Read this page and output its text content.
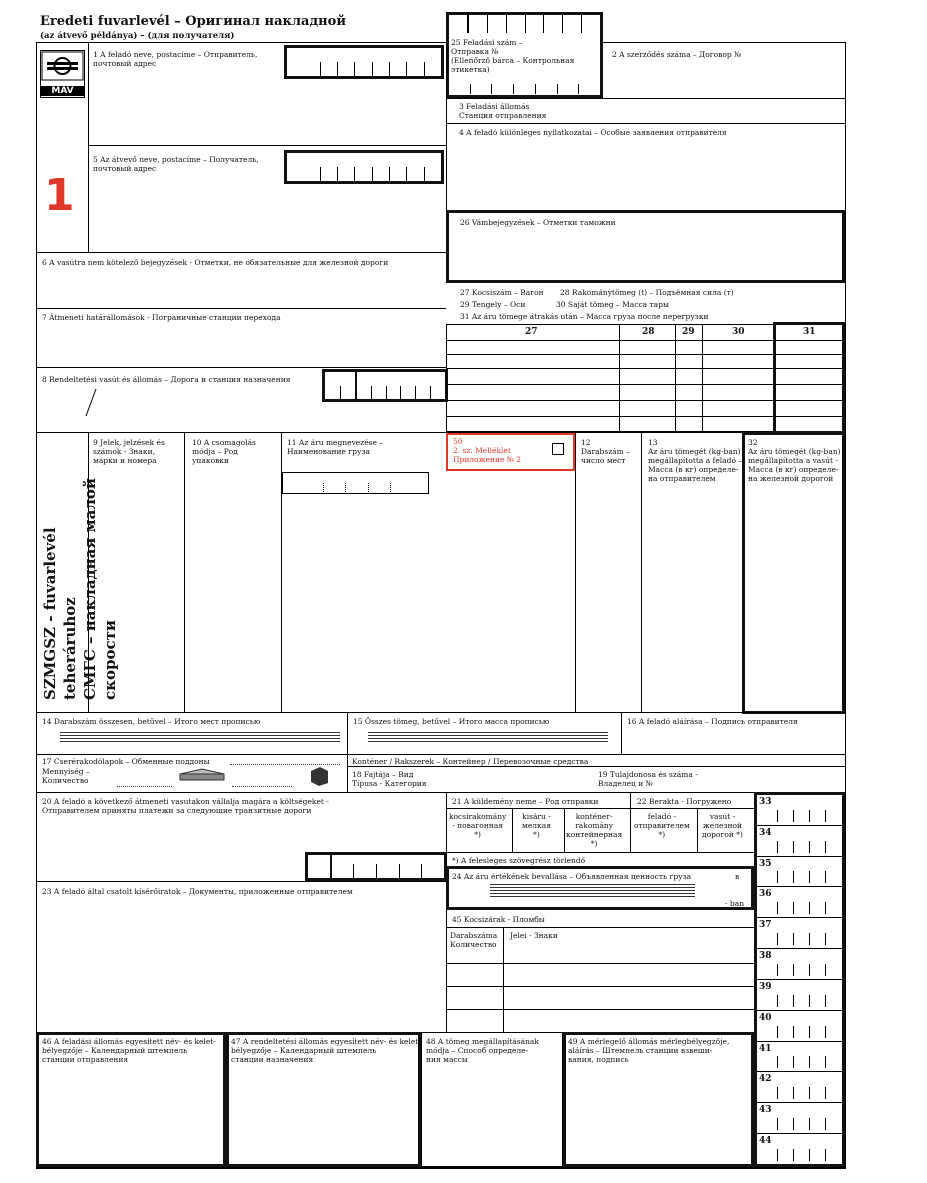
Eredeti fuvarlevél – Оригинал накладной
(az átvevő példánya) – (для получателя)
MÁV
1
1 A feladó neve, postacíme – Отправитель,
почтовый адрес
5 Az átvevő neve, postacíme – Получатель,
почтовый адрес
25 Feladási szám –
Отправка №
(Ellenőrző bárca – Контрольная
этикетка)
2 A szerződés száma – Договор №
3 Feladási állomás
Станция отправления
4 A feladó különleges nyilatkozatai – Особые заявления отправителя
26 Vámbejegyzések – Отметки таможни
6 A vasútra nem kötelező bejegyzések - Отметки, не обязательные для железной дороги
27 Kocsiszám – Вагон 28 Rakománytömeg (t) – Подъёмная сила (т)
29 Tengely – Оси	30 Saját tömeg – Масса тары
31 Az áru tömege átrakás után – Масса груза после перегрузки
7 Átmeneti határállomások - Пограничные станции перехода
8 Rendeltetési vasút és állomás – Дорога и станция назначения
27	28	29	30	31
SZMGSZ - fuvarlevél teheráruhoz СМГС – накладная малой скорости
9 Jelek, jelzések és
számok - Знаки,
марки и номера
10 A csomagolás
módja – Род
упаковки
11 Az áru megnevezése –
Наименование груза
50
2. sz. Melléklet
Приложение № 2
12
Darabszám –
число мест
13
Az áru tömegét (kg-ban)
megállapította a feladó –
Масса (в кг) определе-
на отправителем
32
Az áru tömegét (kg-ban)
megállapította a vasút -
Масса (в кг) определе-
на железной дорогой
14 Darabszám összesen, betűvel – Итого мест прописью	15 Összes tömeg, betűvel – Итого масса прописью	16 A feladó aláírása – Подпись отправителя
17 Cserérakodólapok – Обменные поддоны
Mennyiség –
Количество
Konténer / Rakszerek – Контейнер / Перевозочные средства
18 Fajtája – Вид
Típusa - Категория
19 Tulajdonosa és száma -
Владелец и №
20 A feladó a következő átmeneti vasutakon vállalja magára a költségeket -
Отправителем приняты платежи за следующие транзитные дороги
23 A feladó által csatolt kísérőiratok – Документы, приложенные отправителем
21 A küldemény neme – Род отправки	22 Berakta - Погружено
kocsirakomány
- повагонная
*)
kisáru -
мелкая
*)
konténer-
rakomány
контейнерная
*)
feladó -
отправителем
*)
vasút -
железной
дорогой *)
*) A felesleges szövegrész törlendő
24 Az áru értékének bevallása – Объявленная ценность груза	в
- ban
45 Kocsizárak - Пломбы
Darabszáma
Количество
Jelei - Знаки
46 A feladási állomás egyesített név- és kelet-
bélyegzője – Календарный штемпель
станции отправления
47 A rendeltetési állomás egyesített név- és kelet-
bélyegzője – Календарный штемпель
станции назначения
48 A tömeg megállapításának
módja – Способ определе-
ния массы
49 A mérlegelő állomás mérlegbélyegzője,
aláírás – Штемпель станции взвеши-
вания, подпись
33
34
35
36
37
38
39
40
41
42
43
44
